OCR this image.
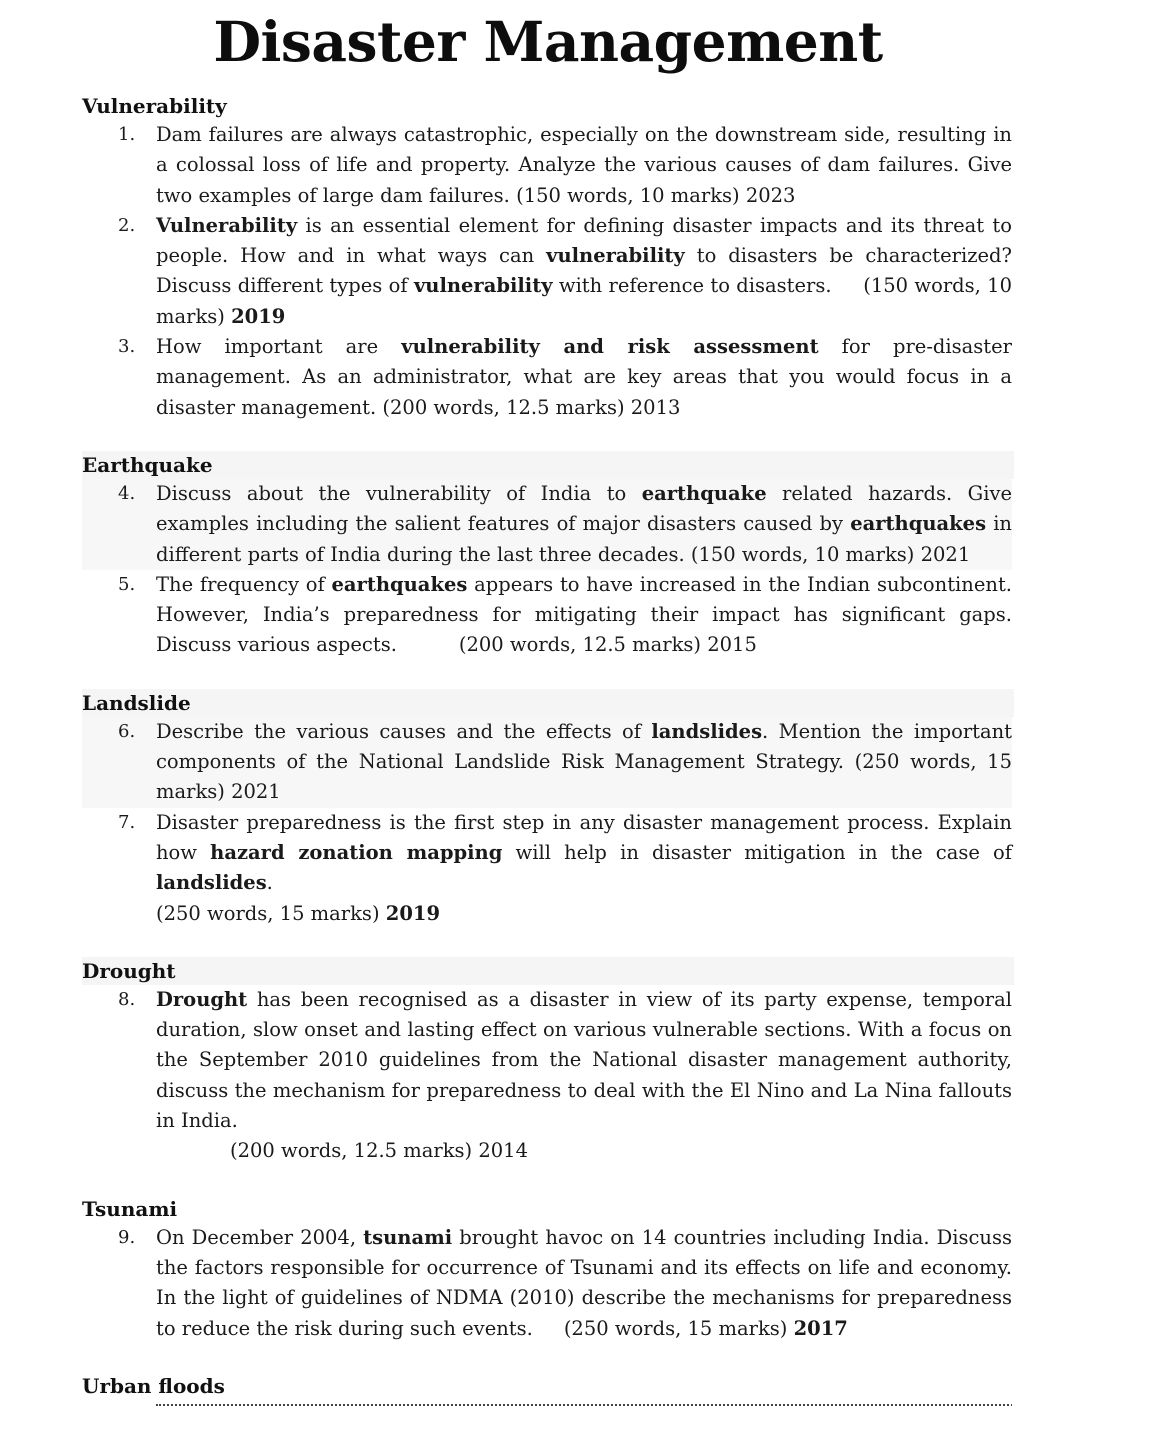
Disaster Management
Vulnerability
1. Dam failures are always catastrophic, especially on the downstream side, resulting in a colossal loss of life and property. Analyze the various causes of dam failures. Give two examples of large dam failures. (150 words, 10 marks) 2023

2. Vulnerability is an essential element for defining disaster impacts and its threat to people. How and in what ways can vulnerability to disasters be characterized? Discuss different types of vulnerability with reference to disasters.     (150 words, 10 marks) 2019

3. How important are vulnerability and risk assessment for pre-disaster management. As an administrator, what are key areas that you would focus in a disaster management. (200 words, 12.5 marks) 2013

Earthquake
4. Discuss about the vulnerability of India to earthquake related hazards. Give examples including the salient features of major disasters caused by earthquakes in different parts of India during the last three decades. (150 words, 10 marks) 2021

5. The frequency of earthquakes appears to have increased in the Indian subcontinent. However, India’s preparedness for mitigating their impact has significant gaps. Discuss various aspects.          (200 words, 12.5 marks) 2015

Landslide
6. Describe the various causes and the effects of landslides. Mention the important components of the National Landslide Risk Management Strategy. (250 words, 15 marks) 2021

7. Disaster preparedness is the first step in any disaster management process. Explain how hazard zonation mapping will help in disaster mitigation in the case of landslides.
(250 words, 15 marks) 2019

Drought
8. Drought has been recognised as a disaster in view of its party expense, temporal duration, slow onset and lasting effect on various vulnerable sections. With a focus on the September 2010 guidelines from the National disaster management authority, discuss the mechanism for preparedness to deal with the El Nino and La Nina fallouts in India.
(200 words, 12.5 marks) 2014

Tsunami
9. On December 2004, tsunami brought havoc on 14 countries including India. Discuss the factors responsible for occurrence of Tsunami and its effects on life and economy. In the light of guidelines of NDMA (2010) describe the mechanisms for preparedness to reduce the risk during such events.     (250 words, 15 marks) 2017

Urban floods
